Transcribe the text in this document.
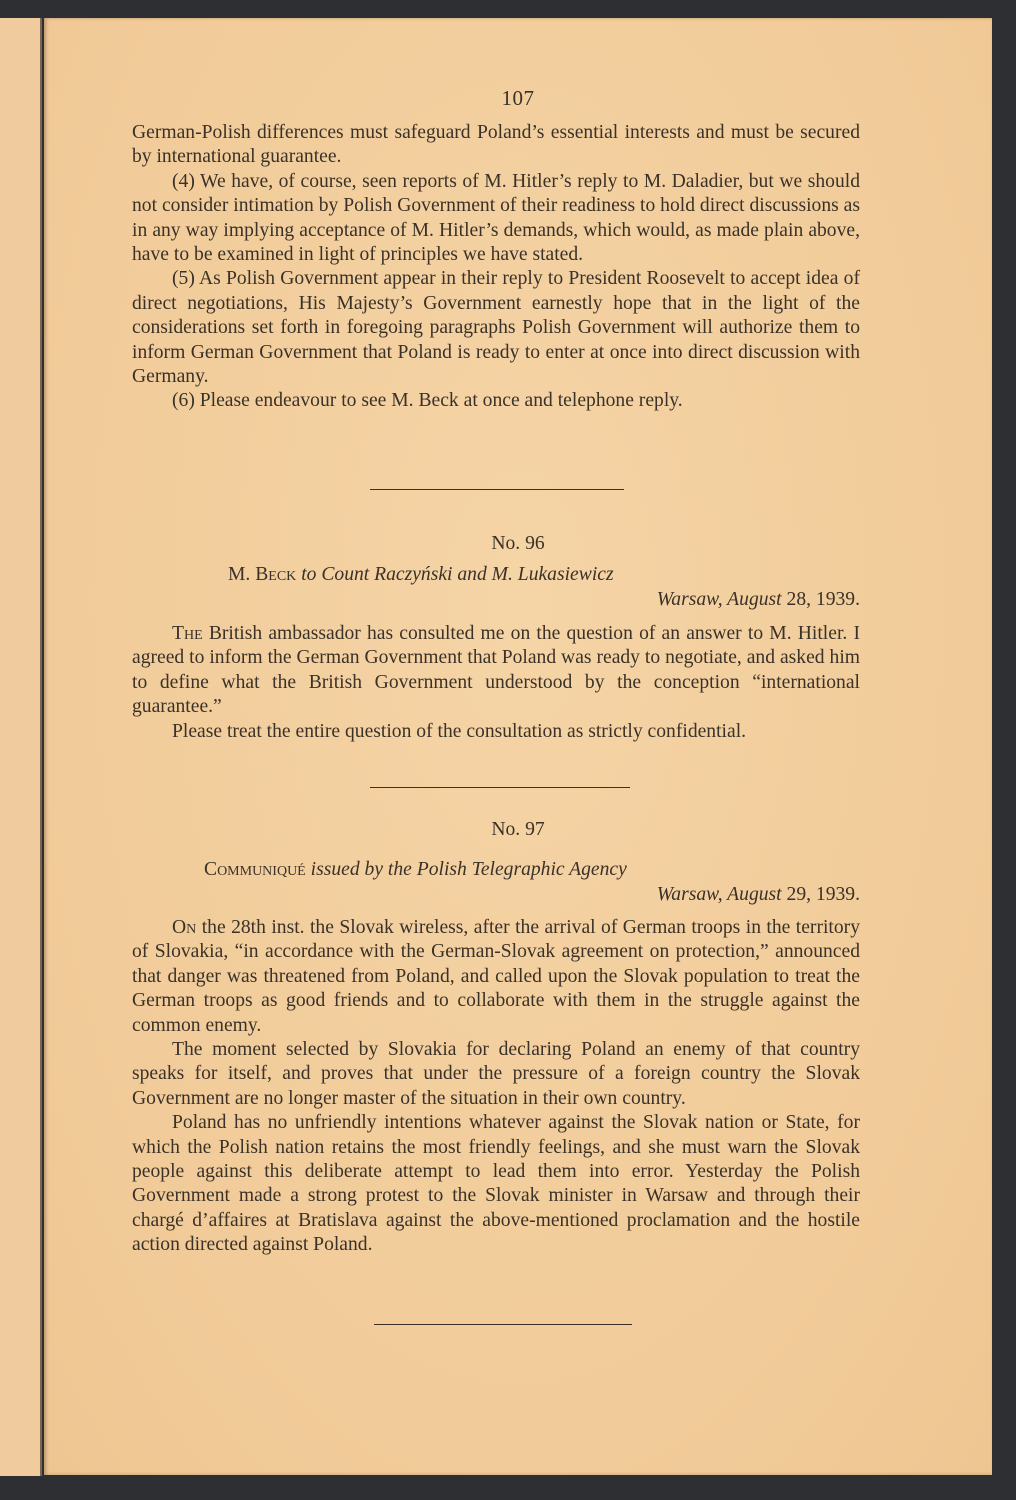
107

German-Polish differences must safeguard Poland’s essential interests and must be secured by international guarantee.

(4) We have, of course, seen reports of M. Hitler’s reply to M. Daladier, but we should not consider intimation by Polish Government of their readiness to hold direct discussions as in any way implying acceptance of M. Hitler’s demands, which would, as made plain above, have to be examined in light of principles we have stated.

(5) As Polish Government appear in their reply to President Roosevelt to accept idea of direct negotiations, His Majesty’s Government earnestly hope that in the light of the considerations set forth in foregoing paragraphs Polish Government will authorize them to inform German Government that Poland is ready to enter at once into direct discussion with Germany.

(6) Please endeavour to see M. Beck at once and telephone reply.

No. 96
M. Beck to Count Raczyński and M. Lukasiewicz
Warsaw, August 28, 1939.

The British ambassador has consulted me on the question of an answer to M. Hitler. I agreed to inform the German Government that Poland was ready to negotiate, and asked him to define what the British Government understood by the conception “international guarantee.”

Please treat the entire question of the consultation as strictly confidential.

No. 97
Communiqué issued by the Polish Telegraphic Agency
Warsaw, August 29, 1939.

On the 28th inst. the Slovak wireless, after the arrival of German troops in the territory of Slovakia, “in accordance with the German-Slovak agreement on protection,” announced that danger was threatened from Poland, and called upon the Slovak population to treat the German troops as good friends and to collaborate with them in the struggle against the common enemy.

The moment selected by Slovakia for declaring Poland an enemy of that country speaks for itself, and proves that under the pressure of a foreign country the Slovak Government are no longer master of the situation in their own country.

Poland has no unfriendly intentions whatever against the Slovak nation or State, for which the Polish nation retains the most friendly feelings, and she must warn the Slovak people against this deliberate attempt to lead them into error. Yesterday the Polish Government made a strong protest to the Slovak minister in Warsaw and through their chargé d’affaires at Bratislava against the above-mentioned proclamation and the hostile action directed against Poland.
